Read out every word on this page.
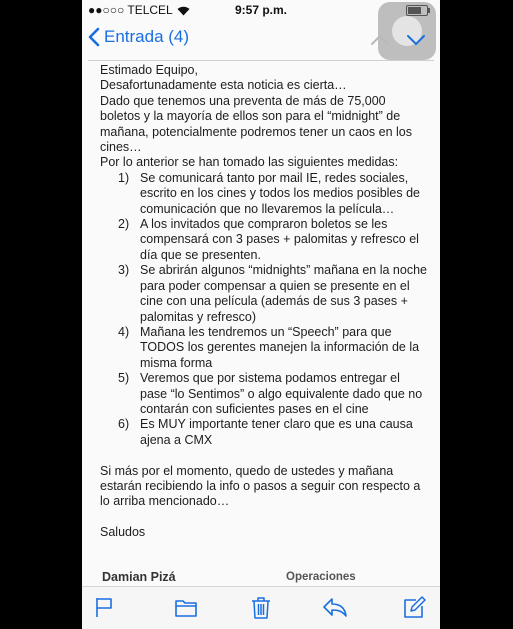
●●○○○ TELCEL	9:57 p.m.
Entrada (4)

Estimado Equipo,

Desafortunadamente esta noticia es cierta…

Dado que tenemos una preventa de más de 75,000 boletos y la mayoría de ellos son para el “midnight” de mañana, potencialmente podremos tener un caos en los cines…

Por lo anterior se han tomado las siguientes medidas:

1) Se comunicará tanto por mail IE, redes sociales, escrito en los cines y todos los medios posibles de comunicación que no llevaremos la película…
2) A los invitados que compraron boletos se les compensará con 3 pases + palomitas y refresco el día que se presenten.
3) Se abrirán algunos “midnights” mañana en la noche para poder compensar a quien se presente en el cine con una película (además de sus 3 pases + palomitas y refresco)
4) Mañana les tendremos un “Speech” para que TODOS los gerentes manejen la información de la misma forma
5) Veremos que por sistema podamos entregar el pase “lo Sentimos” o algo equivalente dado que no contarán con suficientes pases en el cine
6) Es MUY importante tener claro que es una causa ajena a CMX

Si más por el momento, quedo de ustedes y mañana estarán recibiendo la info o pasos a seguir con respecto a lo arriba mencionado…

Saludos

Damian Pizá	Operaciones
